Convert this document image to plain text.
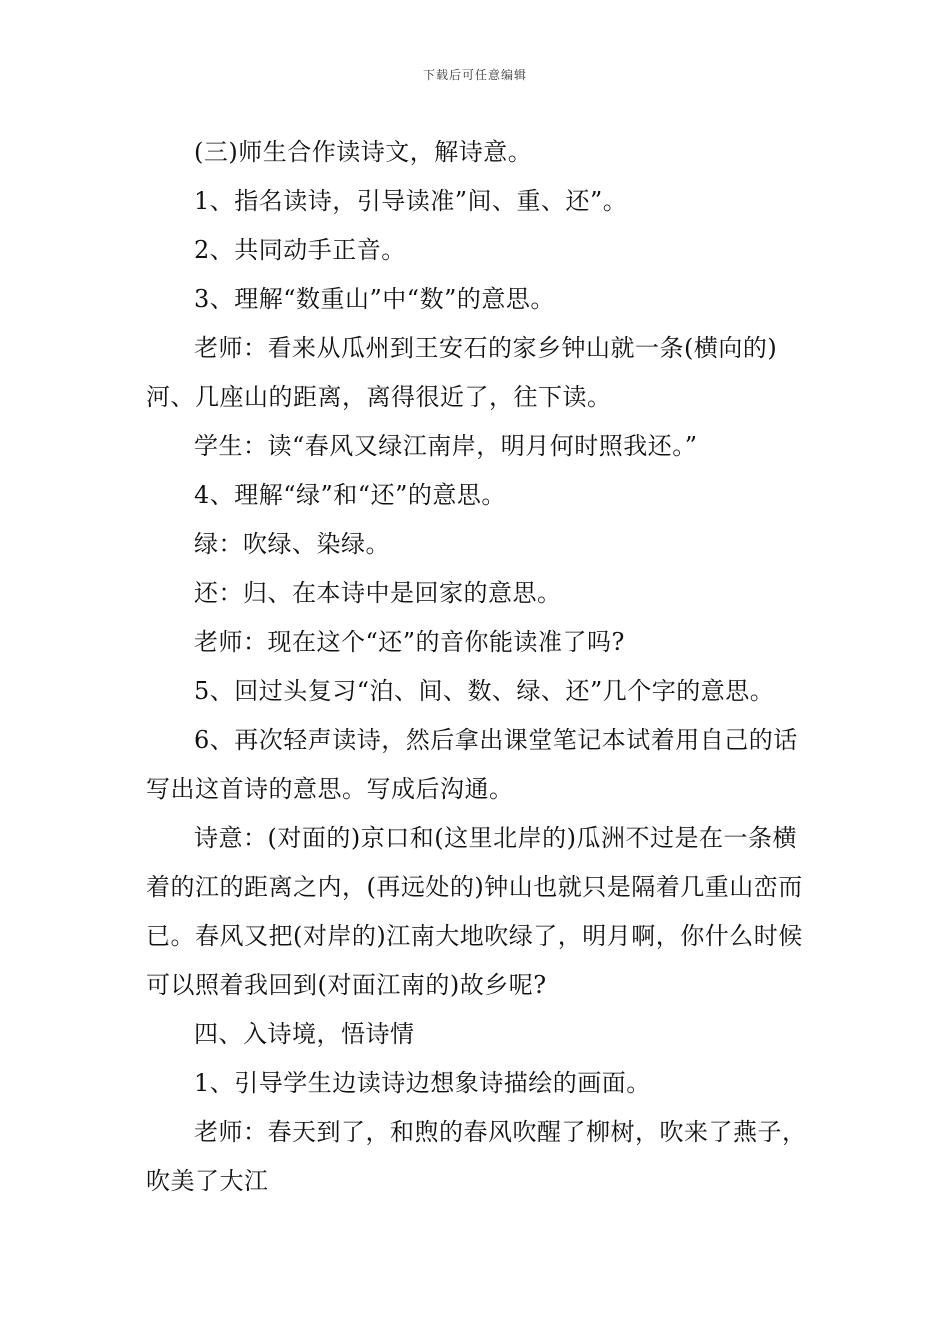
下载后可任意编辑

(三)师生合作读诗文，解诗意。

1、指名读诗，引导读准”间、重、还”。

2、共同动手正音。

3、理解“数重山”中“数”的意思。

老师：看来从瓜州到王安石的家乡钟山就一条(横向的)河、几座山的距离，离得很近了，往下读。

学生：读“春风又绿江南岸，明月何时照我还。”

4、理解“绿”和“还”的意思。

绿：吹绿、染绿。

还：归、在本诗中是回家的意思。

老师：现在这个“还”的音你能读准了吗?

5、回过头复习“泊、间、数、绿、还”几个字的意思。

6、再次轻声读诗，然后拿出课堂笔记本试着用自己的话写出这首诗的意思。写成后沟通。

诗意：(对面的)京口和(这里北岸的)瓜洲不过是在一条横着的江的距离之内，(再远处的)钟山也就只是隔着几重山峦而已。春风又把(对岸的)江南大地吹绿了，明月啊，你什么时候可以照着我回到(对面江南的)故乡呢?

四、入诗境，悟诗情

1、引导学生边读诗边想象诗描绘的画面。

老师：春天到了，和煦的春风吹醒了柳树，吹来了燕子，吹美了大江
